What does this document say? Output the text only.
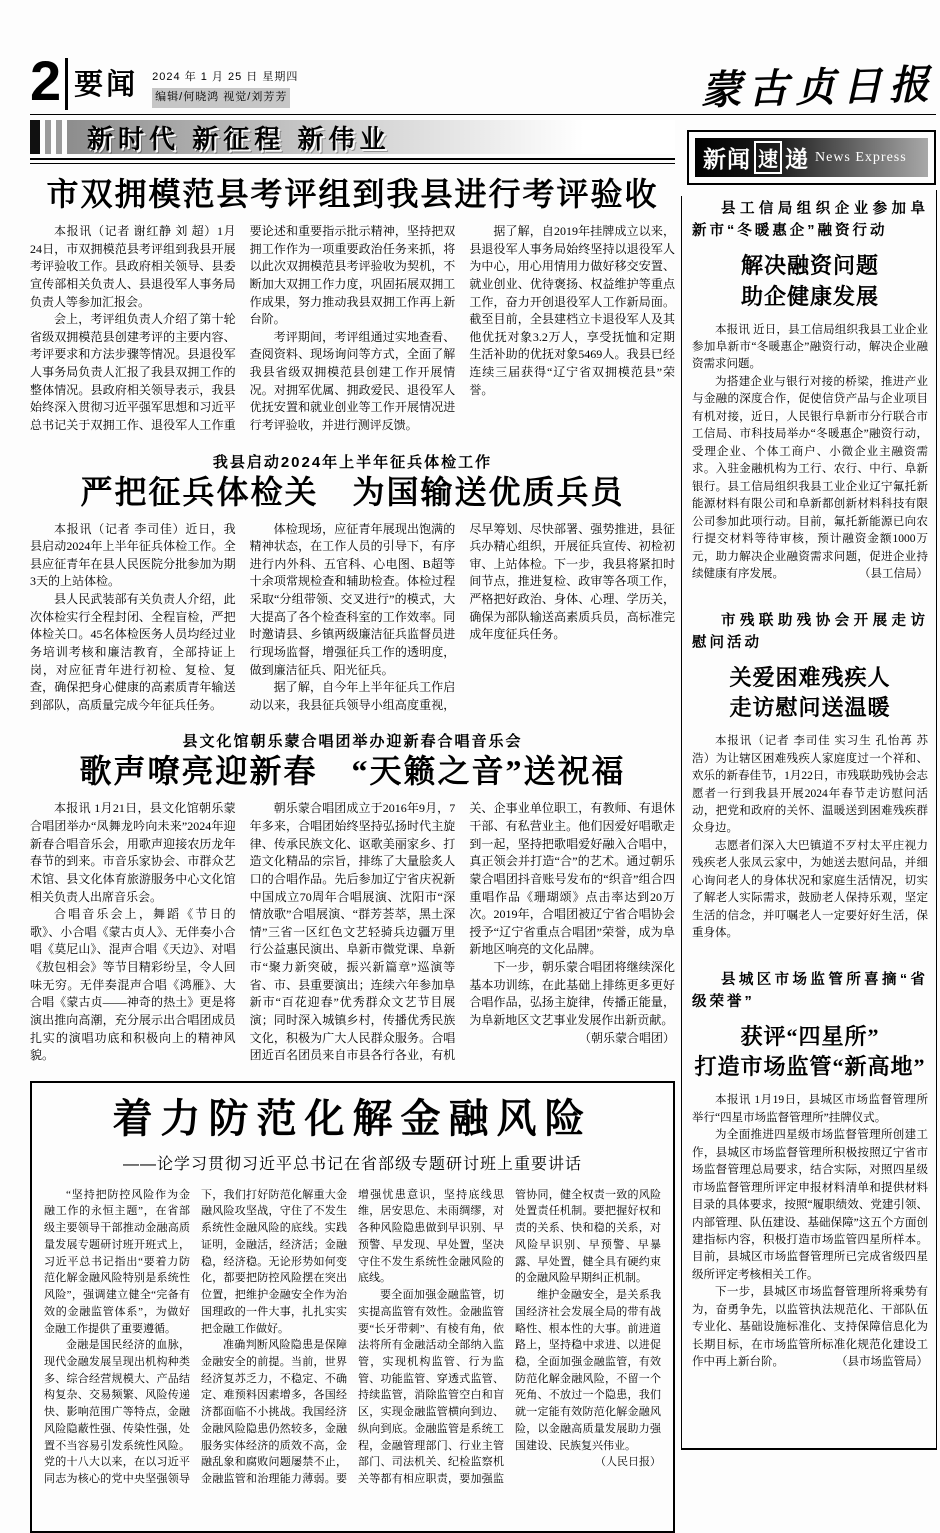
2 要闻 2024 年 1 月 25 日 星期四
编辑/何晓鸿 视觉/刘芳芳	蒙古贞日报
新时代 新征程 新伟业
新闻 速 递 News Express
市双拥模范县考评组到我县进行考评验收

本报讯（记者 谢红静 刘 超）1月24日，市双拥模范县考评组到我县开展考评验收工作。县政府相关领导、县委宣传部相关负责人、县退役军人事务局负责人等参加汇报会。

会上，考评组负责人介绍了第十轮省级双拥模范县创建考评的主要内容、考评要求和方法步骤等情况。县退役军人事务局负责人汇报了我县双拥工作的整体情况。县政府相关领导表示，我县始终深入贯彻习近平强军思想和习近平总书记关于双拥工作、退役军人工作重要论述和重要指示批示精神，坚持把双拥工作作为一项重要政治任务来抓，将以此次双拥模范县考评验收为契机，不断加大双拥工作力度，巩固拓展双拥工作成果，努力推动我县双拥工作再上新台阶。

考评期间，考评组通过实地查看、查阅资料、现场询问等方式，全面了解我县省级双拥模范县创建工作开展情况。对拥军优属、拥政爱民、退役军人优抚安置和就业创业等工作开展情况进行考评验收，并进行测评反馈。

据了解，自2019年挂牌成立以来，县退役军人事务局始终坚持以退役军人为中心，用心用情用力做好移交安置、就业创业、优待褒扬、权益维护等重点工作，奋力开创退役军人工作新局面。截至目前，全县建档立卡退役军人及其他优抚对象3.2万人，享受抚恤和定期生活补助的优抚对象5469人。我县已经连续三届获得“辽宁省双拥模范县”荣誉。

我县启动2024年上半年征兵体检工作
严把征兵体检关　为国输送优质兵员

本报讯（记者 李司佳）近日，我县启动2024年上半年征兵体检工作。全县应征青年在县人民医院分批参加为期3天的上站体检。

县人民武装部有关负责人介绍，此次体检实行全程封闭、全程盲检，严把体检关口。45名体检医务人员均经过业务培训考核和廉洁教育，全部持证上岗，对应征青年进行初检、复检、复查，确保把身心健康的高素质青年输送到部队，高质量完成今年征兵任务。

体检现场，应征青年展现出饱满的精神状态，在工作人员的引导下，有序进行内外科、五官科、心电图、B超等十余项常规检查和辅助检查。体检过程采取“分组带领、交叉进行”的模式，大大提高了各个检查科室的工作效率。同时邀请县、乡镇两级廉洁征兵监督员进行现场监督，增强征兵工作的透明度，做到廉洁征兵、阳光征兵。

据了解，自今年上半年征兵工作启动以来，我县征兵领导小组高度重视，尽早筹划、尽快部署、强势推进，县征兵办精心组织，开展征兵宣传、初检初审、上站体检。下一步，我县将紧扣时间节点，推进复检、政审等各项工作，严格把好政治、身体、心理、学历关，确保为部队输送高素质兵员，高标准完成年度征兵任务。

县文化馆朝乐蒙合唱团举办迎新春合唱音乐会
歌声嘹亮迎新春　“天籁之音”送祝福

本报讯 1月21日，县文化馆朝乐蒙合唱团举办“凤舞龙吟向未来”2024年迎新春合唱音乐会，用歌声迎接农历龙年春节的到来。市音乐家协会、市群众艺术馆、县文化体育旅游服务中心文化馆相关负责人出席音乐会。

合唱音乐会上，舞蹈《节日的歌》、小合唱《蒙古贞人》、无伴奏小合唱《莫尼山》、混声合唱《天边》、对唱《敖包相会》等节目精彩纷呈，令人回味无穷。无伴奏混声合唱《鸿雁》、大合唱《蒙古贞——神奇的热土》更是将演出推向高潮，充分展示出合唱团成员扎实的演唱功底和积极向上的精神风貌。

朝乐蒙合唱团成立于2016年9月，7年多来，合唱团始终坚持弘扬时代主旋律、传承民族文化、讴歌美丽家乡、打造文化精品的宗旨，排练了大量脍炙人口的合唱作品。先后参加辽宁省庆祝新中国成立70周年合唱展演、沈阳市“深情放歌”合唱展演、“群芳荟萃，黑土深情”三省一区红色文艺轻骑兵边疆万里行公益惠民演出、阜新市微党课、阜新市“聚力新突破，振兴新篇章”巡演等省、市、县重要演出；连续六年参加阜新市“百花迎春”优秀群众文艺节目展演；同时深入城镇乡村，传播优秀民族文化，积极为广大人民群众服务。合唱团近百名团员来自市县各行各业，有机关、企事业单位职工，有教师、有退休干部、有私营业主。他们因爱好唱歌走到一起，坚持把歌唱爱好融入合唱中，真正领会并打造“合”的艺术。通过朝乐蒙合唱团抖音账号发布的“织音”组合四重唱作品《珊瑚颂》点击率达到20万次。2019年，合唱团被辽宁省合唱协会授予“辽宁省重点合唱团”荣誉，成为阜新地区响亮的文化品牌。

下一步，朝乐蒙合唱团将继续深化基本功训练，在此基础上排练更多更好合唱作品，弘扬主旋律，传播正能量，为阜新地区文艺事业发展作出新贡献。
（朝乐蒙合唱团）

着力防范化解金融风险
——论学习贯彻习近平总书记在省部级专题研讨班上重要讲话

“坚持把防控风险作为金融工作的永恒主题”，在省部级主要领导干部推动金融高质量发展专题研讨班开班式上，习近平总书记指出“要着力防范化解金融风险特别是系统性风险”，强调建立健全“完备有效的金融监管体系”，为做好金融工作提供了重要遵循。

金融是国民经济的血脉，现代金融发展呈现出机构种类多、综合经营规模大、产品结构复杂、交易频繁、风险传递快、影响范围广等特点，金融风险隐蔽性强、传染性强，处置不当容易引发系统性风险。党的十八大以来，在以习近平同志为核心的党中央坚强领导下，我们打好防范化解重大金融风险攻坚战，守住了不发生系统性金融风险的底线。实践证明，金融活，经济活；金融稳，经济稳。无论形势如何变化，都要把防控风险摆在突出位置，把维护金融安全作为治国理政的一件大事，扎扎实实把金融工作做好。

准确判断风险隐患是保障金融安全的前提。当前，世界经济复苏乏力，不稳定、不确定、难预料因素增多，各国经济都面临不小挑战。我国经济金融风险隐患仍然较多，金融服务实体经济的质效不高，金融乱象和腐败问题屡禁不止，金融监管和治理能力薄弱。要增强忧患意识，坚持底线思维，居安思危、未雨绸缪，对各种风险隐患做到早识别、早预警、早发现、早处置，坚决守住不发生系统性金融风险的底线。

要全面加强金融监管，切实提高监管有效性。金融监管要“长牙带刺”、有棱有角，依法将所有金融活动全部纳入监管，实现机构监管、行为监管、功能监管、穿透式监管、持续监管，消除监管空白和盲区，实现金融监管横向到边、纵向到底。金融监管是系统工程，金融管理部门、行业主管部门、司法机关、纪检监察机关等都有相应职责，要加强监管协同，健全权责一致的风险处置责任机制。要把握好权和责的关系、快和稳的关系，对风险早识别、早预警、早暴露、早处置，健全具有硬约束的金融风险早期纠正机制。

维护金融安全，是关系我国经济社会发展全局的带有战略性、根本性的大事。前进道路上，坚持稳中求进、以进促稳，全面加强金融监管，有效防范化解金融风险，不留一个死角、不放过一个隐患，我们就一定能有效防范化解金融风险，以金融高质量发展助力强国建设、民族复兴伟业。
（人民日报）

县工信局组织企业参加阜新市“冬暖惠企”融资行动
解决融资问题
助企健康发展

本报讯 近日，县工信局组织我县工业企业参加阜新市“冬暖惠企”融资行动，解决企业融资需求问题。

为搭建企业与银行对接的桥梁，推进产业与金融的深度合作，促使信贷产品与企业项目有机对接，近日，人民银行阜新市分行联合市工信局、市科技局举办“冬暖惠企”融资行动，受理企业、个体工商户、小微企业主融资需求。入驻金融机构为工行、农行、中行、阜新银行。县工信局组织我县工业企业辽宁氟托新能源材料有限公司和阜新都创新材料科技有限公司参加此项行动。目前，氟托新能源已向农行提交材料等待审核，预计融资金额1000万元，助力解决企业融资需求问题，促进企业持续健康有序发展。	（县工信局）

市残联助残协会开展走访慰问活动
关爱困难残疾人
走访慰问送温暖

本报讯（记者 李司佳 实习生 孔怡苒 苏 浩）为让辖区困难残疾人家庭度过一个祥和、欢乐的新春佳节，1月22日，市残联助残协会志愿者一行到我县开展2024年春节走访慰问活动，把党和政府的关怀、温暖送到困难残疾群众身边。

志愿者们深入大巴镇道不歹村太平庄视力残疾老人张凤云家中，为她送去慰问品，并细心询问老人的身体状况和家庭生活情况，切实了解老人实际需求，鼓励老人保持乐观，坚定生活的信念，并叮嘱老人一定要好好生活，保重身体。

县城区市场监管所喜摘“省级荣誉”
获评“四星所”
打造市场监管“新高地”

本报讯 1月19日，县城区市场监督管理所举行“四星市场监督管理所”挂牌仪式。

为全面推进四星级市场监督管理所创建工作，县城区市场监督管理所积极按照辽宁省市场监督管理总局要求，结合实际，对照四星级市场监督管理所评定申报材料清单和提供材料目录的具体要求，按照“履职绩效、党建引领、内部管理、队伍建设、基础保障”这五个方面创建指标内容，积极打造市场监管四星所样本。目前，县城区市场监督管理所已完成省级四星级所评定考核相关工作。

下一步，县城区市场监督管理所将乘势有为，奋勇争先，以监管执法规范化、干部队伍专业化、基础设施标准化、支持保障信息化为长期目标，在市场监管所标准化规范化建设工作中再上新台阶。	（县市场监管局）
